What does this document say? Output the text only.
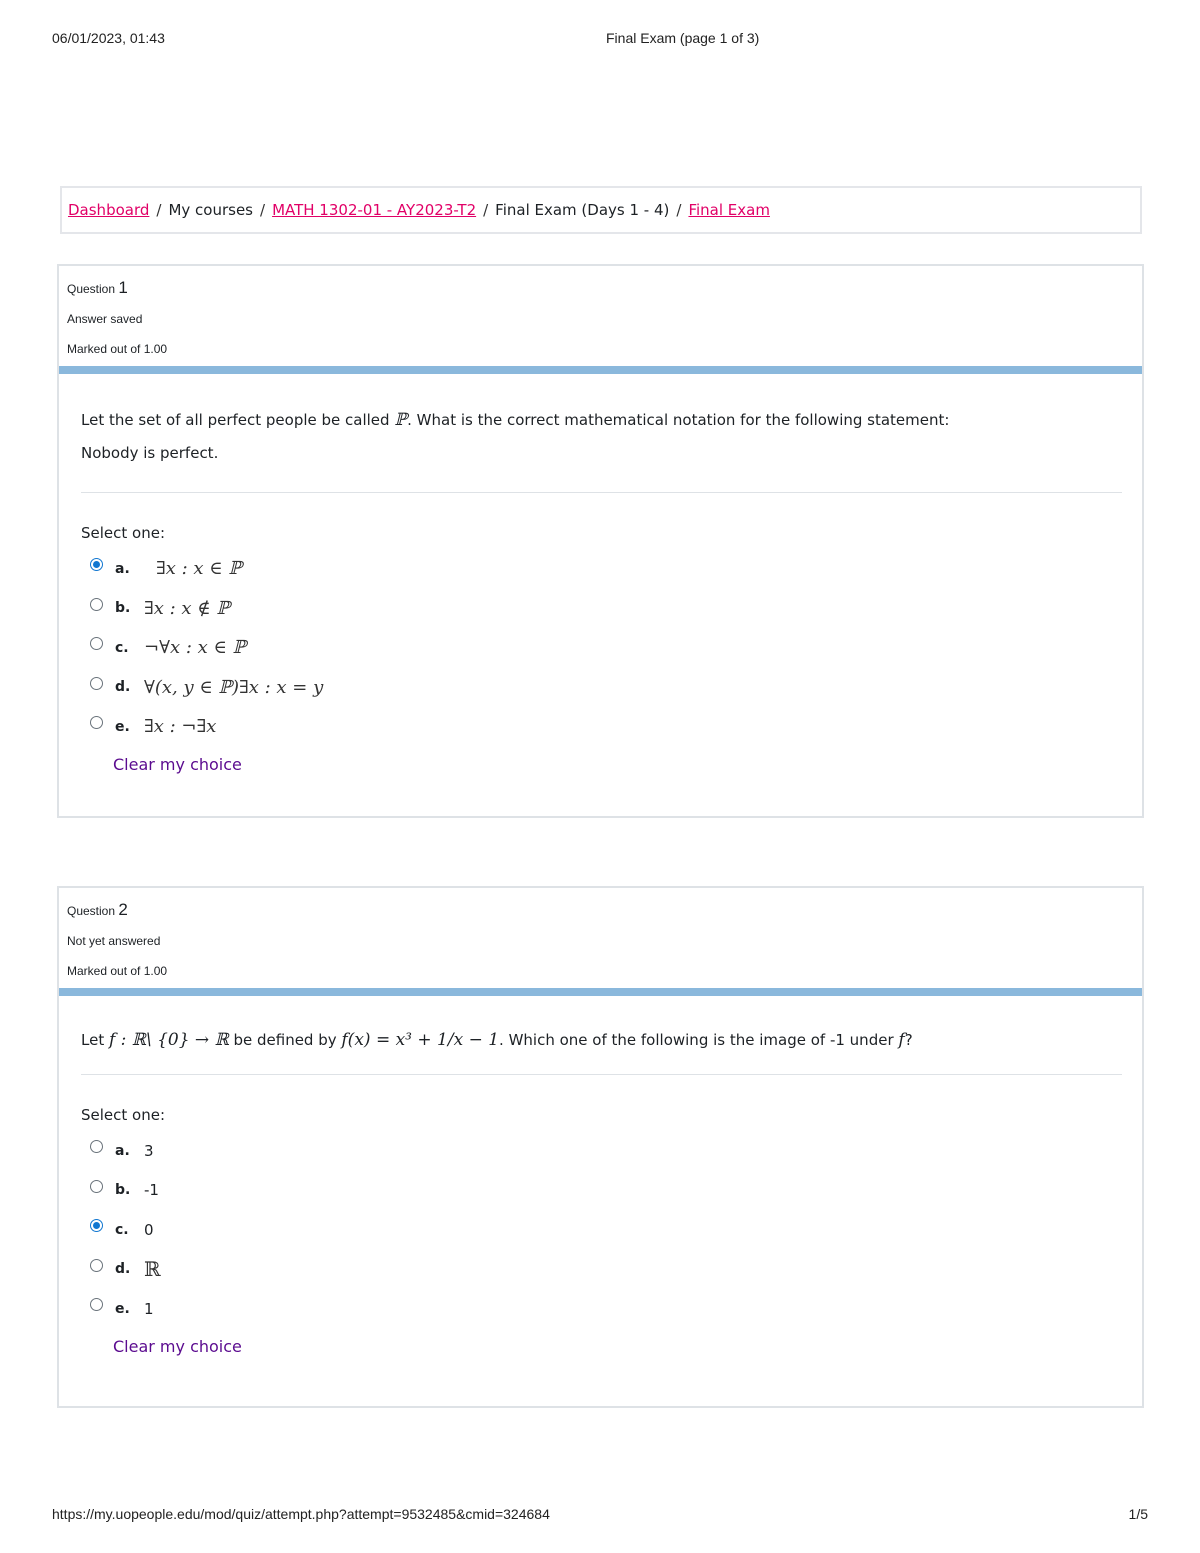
06/01/2023, 01:43	Final Exam (page 1 of 3)
Dashboard / My courses / MATH 1302-01 - AY2023-T2 / Final Exam (Days 1 - 4) / Final Exam
Question 1
Answer saved
Marked out of 1.00

Let the set of all perfect people be called ℙ. What is the correct mathematical notation for the following statement:

Nobody is perfect.

Select one:
a.	∃x : x ∈ ℙ
b. ∃x : x ∉ ℙ
c. ¬∀x : x ∈ ℙ
d. ∀(x, y ∈ ℙ)∃x : x = y
e. ∃x : ¬∃x
Clear my choice
Question 2
Not yet answered
Marked out of 1.00

Let f : ℝ\ {0} → ℝ be defined by f(x) = x³ + 1/x − 1. Which one of the following is the image of -1 under f?

Select one:
a. 3
b. -1
c.	0
d. ℝ
e. 1
Clear my choice
https://my.uopeople.edu/mod/quiz/attempt.php?attempt=9532485&cmid=324684	1/5
